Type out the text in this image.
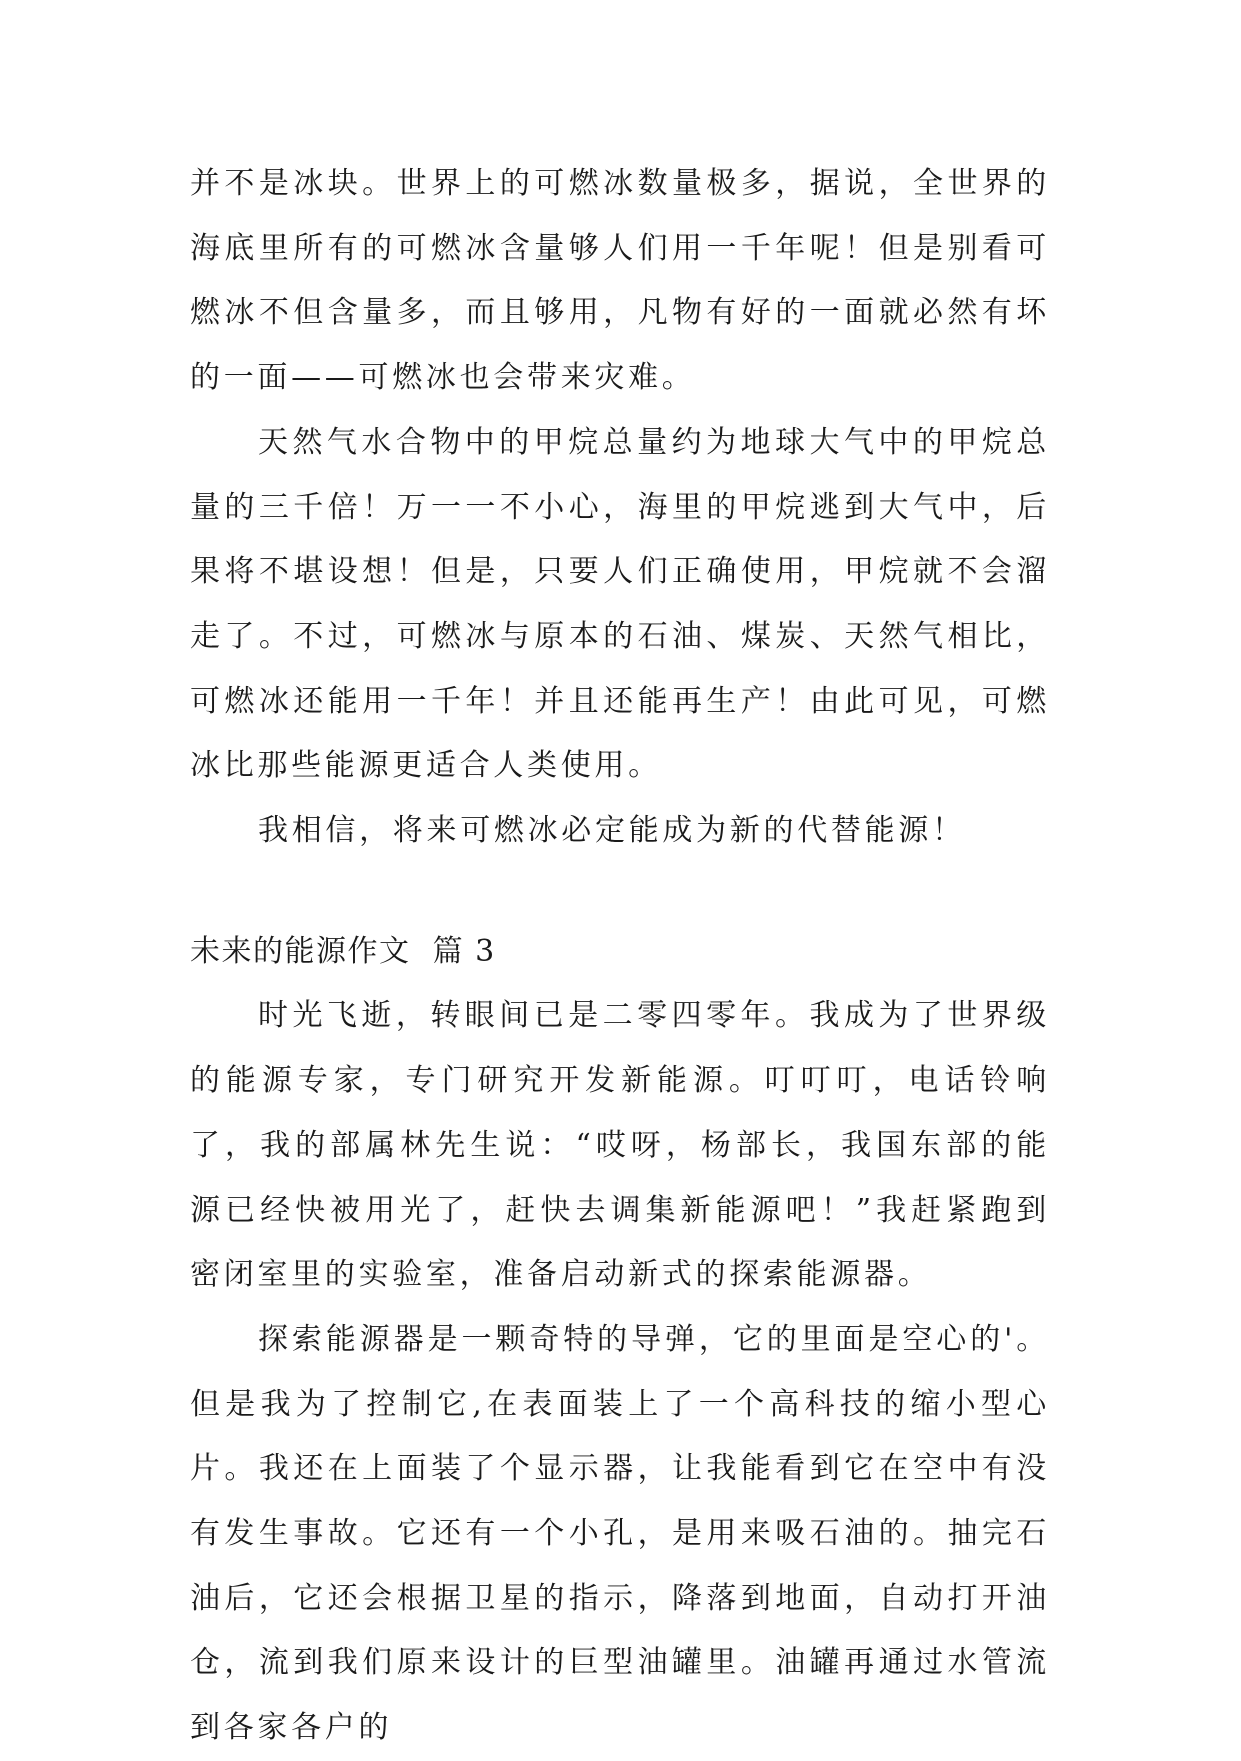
并不是冰块。世界上的可燃冰数量极多，据说，全世界的海底里所有的可燃冰含量够人们用一千年呢！但是别看可燃冰不但含量多，而且够用，凡物有好的一面就必然有坏的一面——可燃冰也会带来灾难。

天然气水合物中的甲烷总量约为地球大气中的甲烷总量的三千倍！万一一不小心，海里的甲烷逃到大气中，后果将不堪设想！但是，只要人们正确使用，甲烷就不会溜走了。不过，可燃冰与原本的石油、煤炭、天然气相比，可燃冰还能用一千年！并且还能再生产！由此可见，可燃冰比那些能源更适合人类使用。

我相信，将来可燃冰必定能成为新的代替能源！

未来的能源作文  篇 3

时光飞逝，转眼间已是二零四零年。我成为了世界级的能源专家，专门研究开发新能源。叮叮叮，电话铃响了，我的部属林先生说：“哎呀，杨部长，我国东部的能源已经快被用光了，赶快去调集新能源吧！”我赶紧跑到密闭室里的实验室，准备启动新式的探索能源器。

探索能源器是一颗奇特的导弹，它的里面是空心的'。但是我为了控制它,在表面装上了一个高科技的缩小型心片。我还在上面装了个显示器，让我能看到它在空中有没有发生事故。它还有一个小孔，是用来吸石油的。抽完石油后，它还会根据卫星的指示，降落到地面，自动打开油仓，流到我们原来设计的巨型油罐里。油罐再通过水管流到各家各户的
